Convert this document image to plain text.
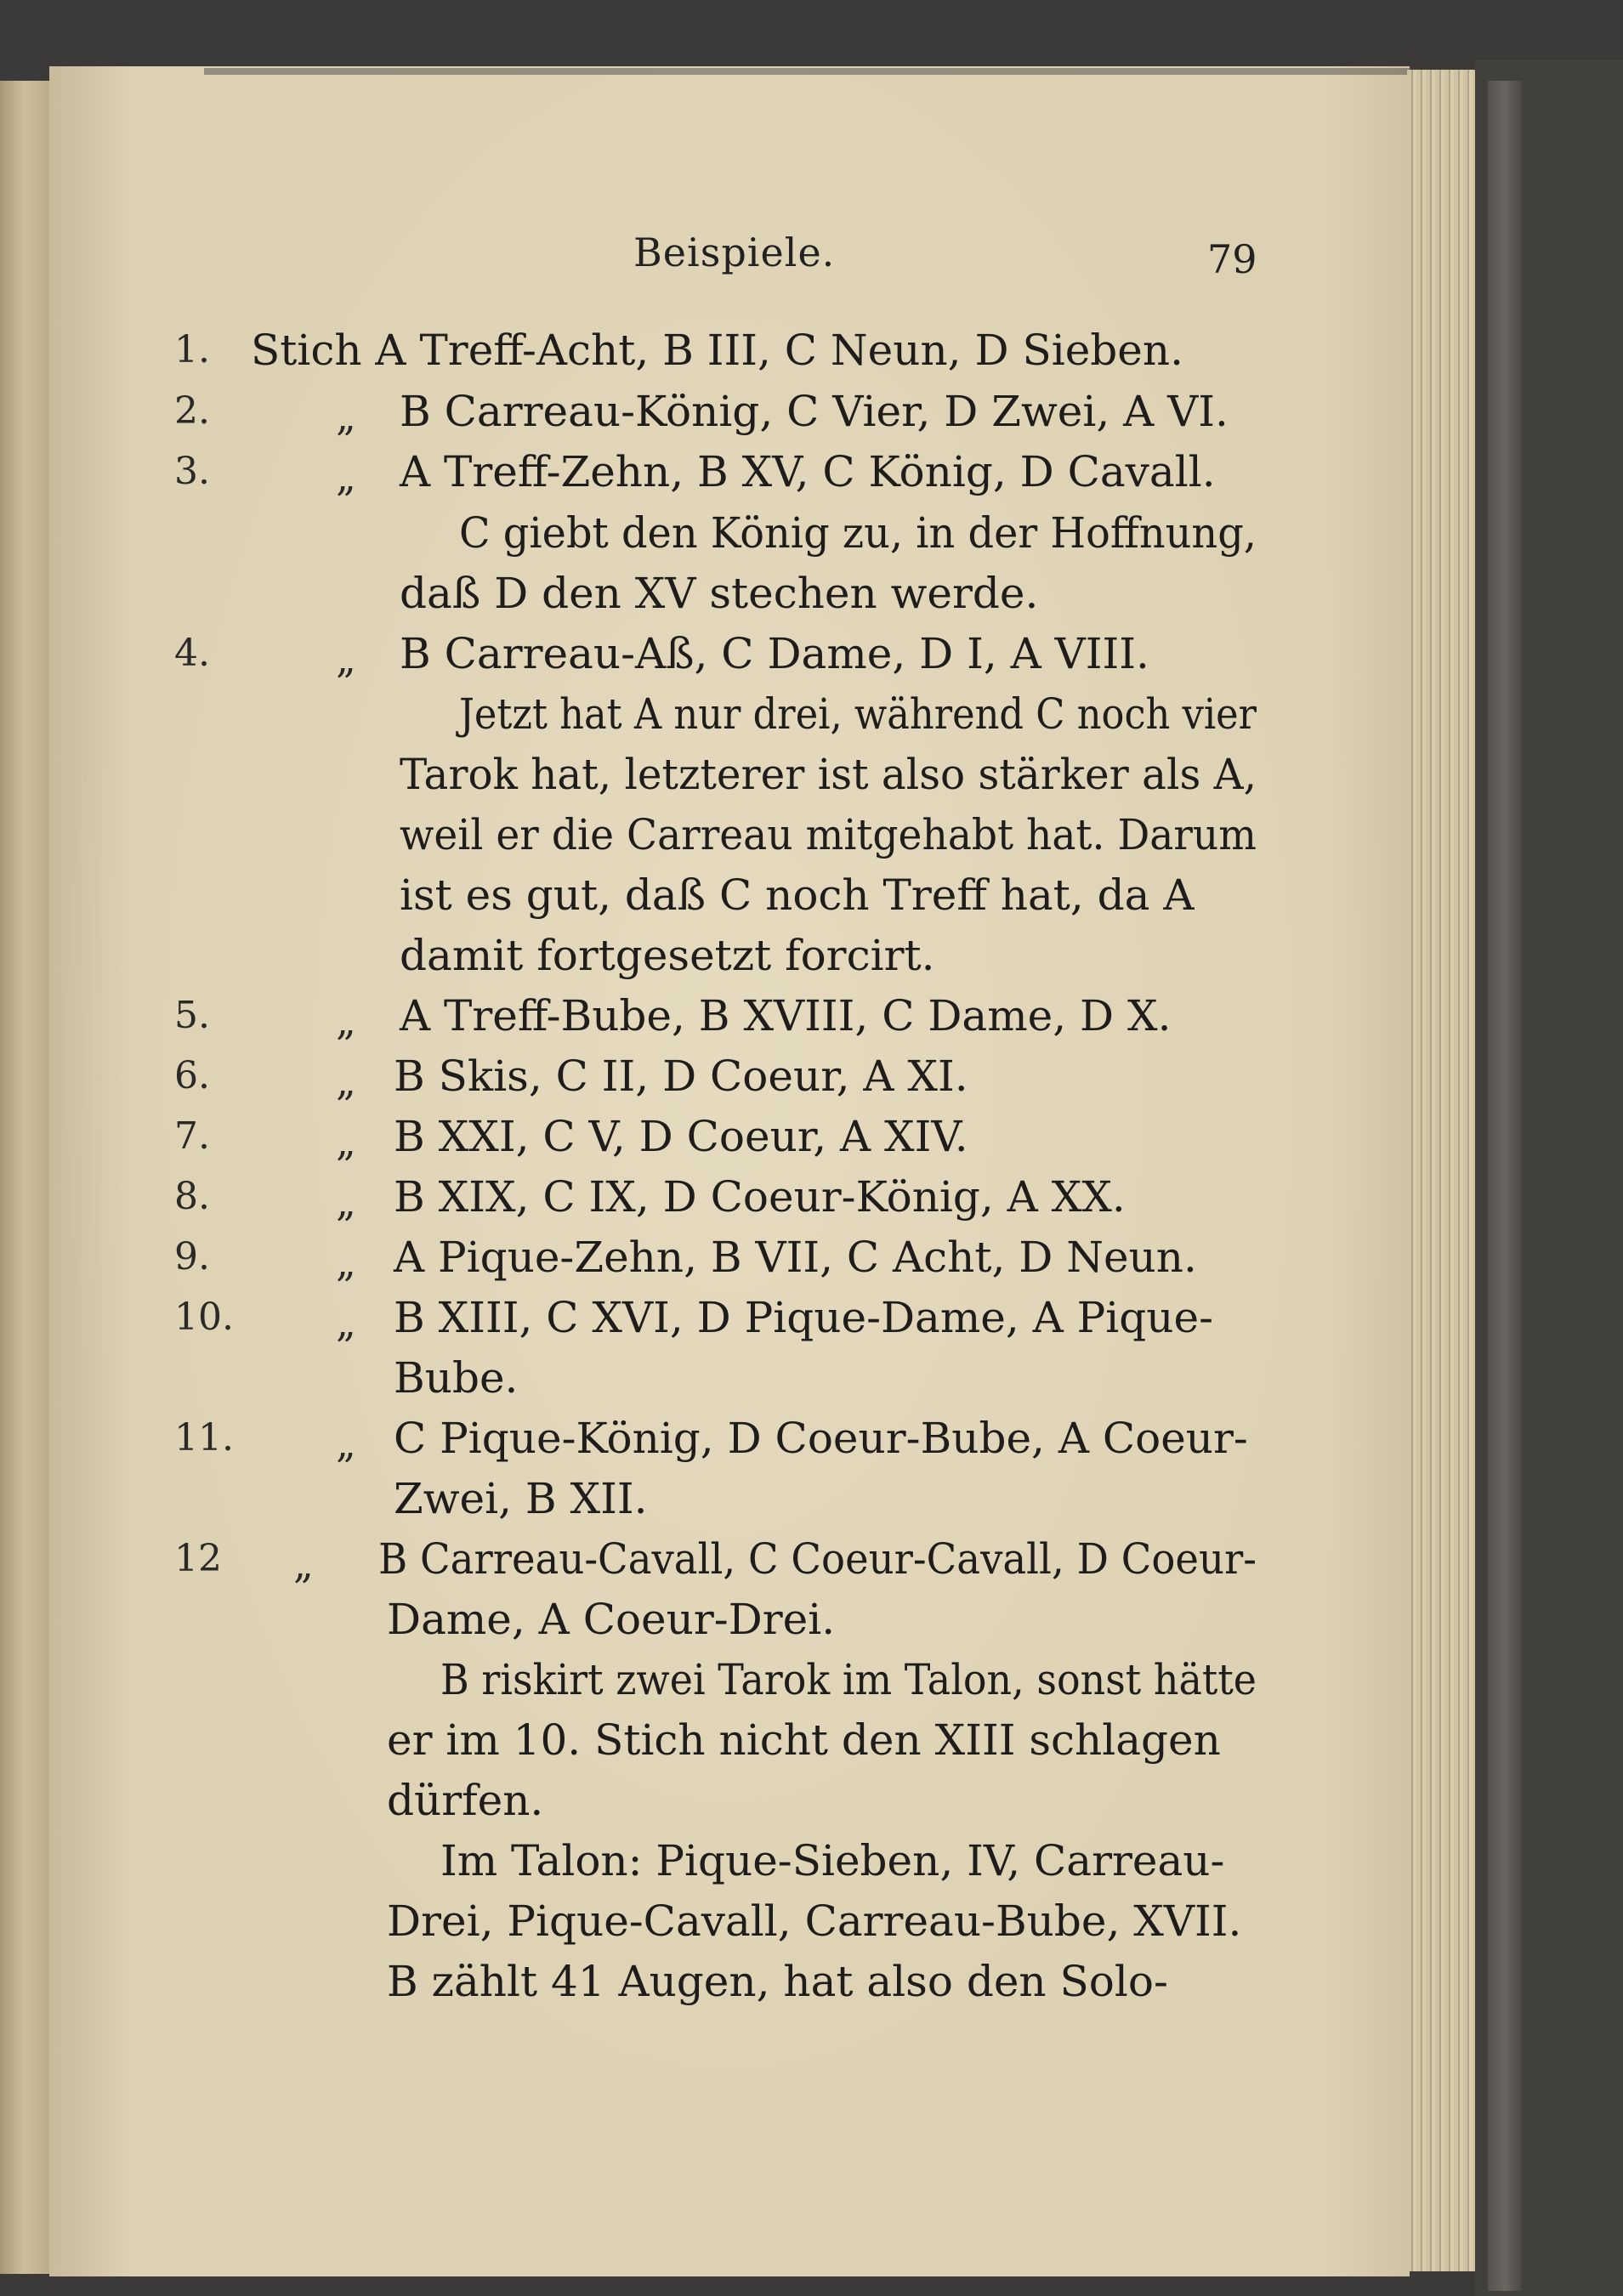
Beispiele.	79
1. Stich A Treff-Acht, B III, C Neun, D Sieben.
2.	„ B Carreau-König, C Vier, D Zwei, A VI.
3.	„ A Treff-Zehn, B XV, C König, D Cavall.
C giebt den König zu, in der Hoffnung,
daß D den XV stechen werde.
4.	„ B Carreau-Aß, C Dame, D I, A VIII.
Jetzt hat A nur drei, während C noch vier
Tarok hat, letzterer ist also stärker als A,
weil er die Carreau mitgehabt hat. Darum
ist es gut, daß C noch Treff hat, da A
damit fortgesetzt forcirt.
5.	„ A Treff-Bube, B XVIII, C Dame, D X.
6.	„ B Skis, C II, D Coeur, A XI.
7.	„ B XXI, C V, D Coeur, A XIV.
8.	„ B XIX, C IX, D Coeur-König, A XX.
9.	„ A Pique-Zehn, B VII, C Acht, D Neun.
10.	„ B XIII, C XVI, D Pique-Dame, A Pique-
Bube.
11.	„ C Pique-König, D Coeur-Bube, A Coeur-
Zwei, B XII.
12 „ B Carreau-Cavall, C Coeur-Cavall, D Coeur-
Dame, A Coeur-Drei.
B riskirt zwei Tarok im Talon, sonst hätte
er im 10. Stich nicht den XIII schlagen
dürfen.
Im Talon: Pique-Sieben, IV, Carreau-
Drei, Pique-Cavall, Carreau-Bube, XVII.
B zählt 41 Augen, hat also den Solo-
